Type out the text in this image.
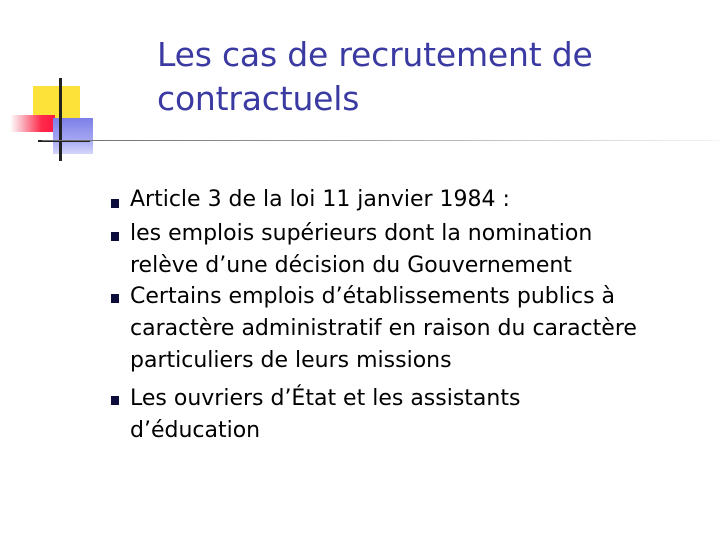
Les cas de recrutement de
contractuels

Article 3 de la loi 11 janvier 1984 :

les emplois supérieurs dont la nomination
relève d’une décision du Gouvernement

Certains emplois d’établissements publics à
caractère administratif en raison du caractère
particuliers de leurs missions

Les ouvriers d’État et les assistants
d’éducation
